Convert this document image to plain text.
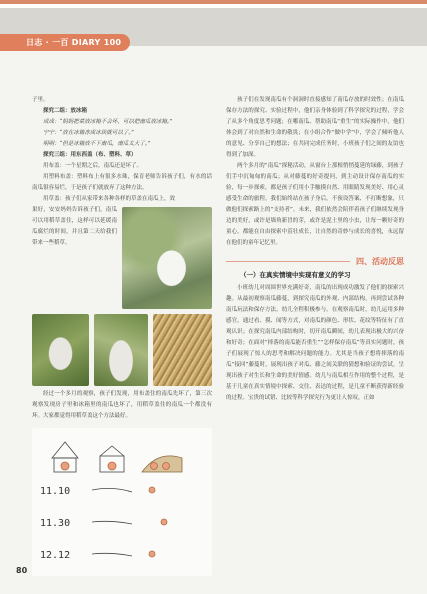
日志 · 一百 DIARY 100

子里。

探究二组：放冰箱

成成：“妈妈把菜放冰箱不会坏，可以把南瓜放冰箱。”

宁宁：“放在冰箱冻成冰块就可以了。”

明明：“但是冰箱放不下南瓜，南瓜太大了。”

探究三组：用东西盖（布、塑料、草）

用布盖：一个星期之后，南瓜还是坏了。

用塑料布盖：塑料布上有很多水珠，保育老师告诉孩子们，有水的话南瓜很容易烂，于是孩子们就放弃了这种方法。

用草盖：孩子们从家带来各种各样的草盖在南瓜上，效

果好，安安妈妈告诉孩子们，南瓜可以用稻草盖住，这样可以延缓南瓜腐烂的时间，并且第二天给我们带来一些稻草。

经过一个多月的观察，孩子们发现，用布盖住的南瓜先坏了，第三次观察发现房子里和冰箱里的南瓜也坏了，用稻草盖住的南瓜一个都没有坏。大家都觉得用稻草盖这个方法最好。

11.10
11.30
12.12

孩子们在发现南瓜有个洞洞时直接感知了南瓜存放的时效性；在南瓜保存方法的探究、实验过程中，他们亲身体验到了科学探究的过程，学会了从多个角度思考问题；在哪南瓜、帮助南瓜“重生”的实际操作中，他们体会到了对自然和生命的敬畏；在小组合作“做中学”中，学会了倾听他人的意见、分享自己的想法；在共同完成任务时，小班孩子们之间的友谊也得到了加深。

两个多月的“南瓜”探秘活动，从窗台上那根悄悄蔓延的绿藤，到孩子们手中沉甸甸的南瓜；从对藤蔓的好奇提问，到主动设计保存南瓜的实验，每一步探索，都是孩子们用小手触摸自然、用眼睛发现美好、用心灵感受生命的旅程。我们始终站在孩子身后，不预设答案、不打断想象，只做他们探索路上的“支持者”。未来，我们依然会陪伴着孩子们继续发现身边的美好，或许是墙角新冒的芽，或许是泥土里的小虫，让每一颗好奇的童心，都能在自由探索中茁壮成长，让自然的奇妙与成长的喜悦，永远留在他们的童年记忆里。

四、活动反思
（一）在真实情境中实现有意义的学习

小班幼儿对周围世界充满好奇，南瓜的出现成功激发了他们的探索兴趣。从最初观察南瓜藤蔓，到探究南瓜的外观、内部结构，再到尝试各种南瓜玩法和保存方法，幼儿全程积极参与。在观察南瓜时，幼儿运用多种感官，通过看、摸、闻等方式，对南瓜的颜色、形状、花纹等特征有了直观认识；在探究南瓜内部结构时，切开南瓜瞬间，幼儿表现出极大的兴奋和好奇；在面对“摔落的南瓜能否重生”“怎样保存南瓜”等真实问题时，孩子们展现了惊人的思考和解决问题的能力。尤其是当孩子想将摔落的南瓜“接回”藤蔓时，展现出孩子对瓜、藤之间关联的猜想和验证的尝试，呈现出孩子对生长和生命的美好情感。幼儿与南瓜相互作用的整个过程，是基于儿童在真实情境中探索、交往、表达的过程，是儿童不断获得新经验的过程。宝贵的试错、比较等科学探究行为更让人惊叹，正如

80
